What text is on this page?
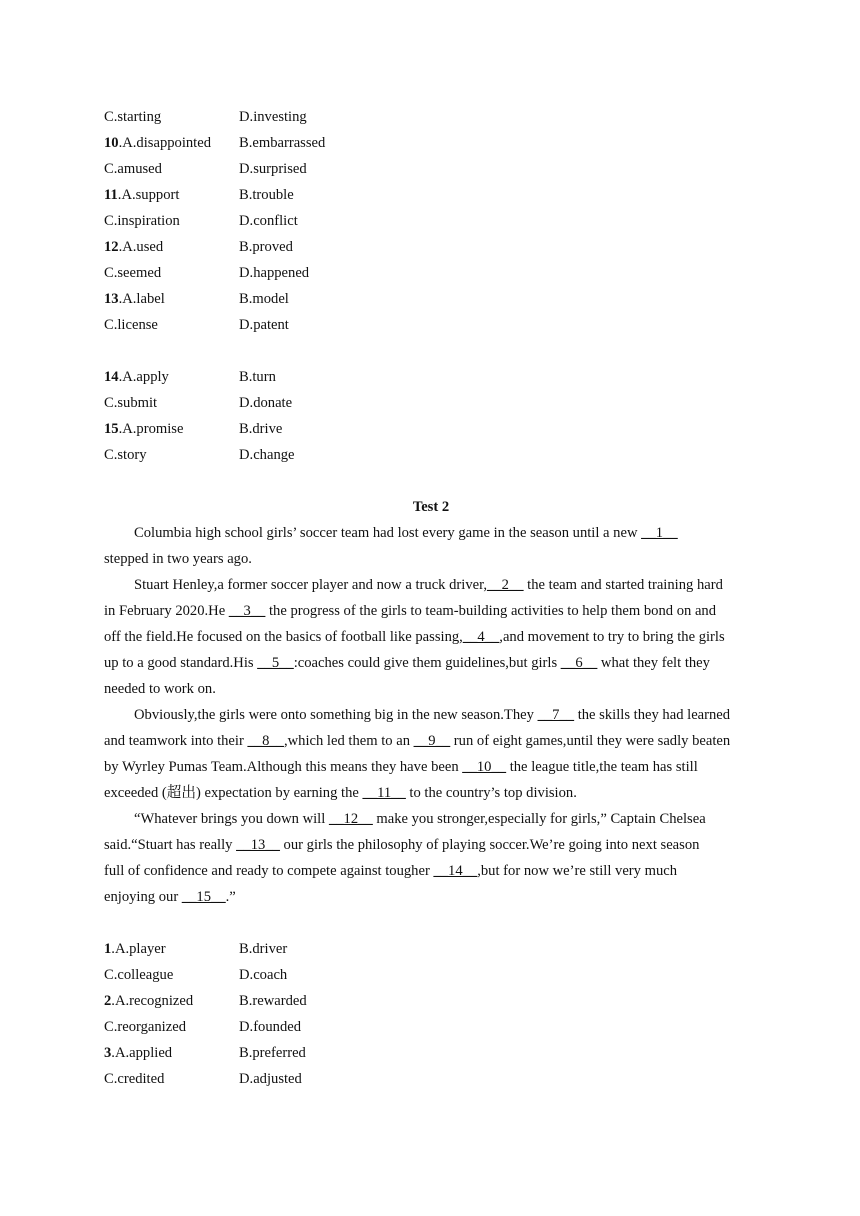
C.starting	D.investing
10.A.disappointed	B.embarrassed
C.amused	D.surprised
11.A.support	B.trouble
C.inspiration	D.conflict
12.A.used	B.proved
C.seemed	D.happened
13.A.label	B.model
C.license	D.patent
14.A.apply	B.turn
C.submit	D.donate
15.A.promise	B.drive
C.story	D.change
Test 2

Columbia high school girls’ soccer team had lost every game in the season until a new __1__
stepped in two years ago.

Stuart Henley,a former soccer player and now a truck driver,__2__ the team and started training hard
in February 2020.He __3__ the progress of the girls to team-building activities to help them bond on and
off the field.He focused on the basics of football like passing,__4__,and movement to try to bring the girls
up to a good standard.His __5__:coaches could give them guidelines,but girls __6__ what they felt they
needed to work on.

Obviously,the girls were onto something big in the new season.They __7__ the skills they had learned
and teamwork into their __8__,which led them to an __9__ run of eight games,until they were sadly beaten
by Wyrley Pumas Team.Although this means they have been __10__ the league title,the team has still
exceeded (超出) expectation by earning the __11__ to the country’s top division.

“Whatever brings you down will __12__ make you stronger,especially for girls,” Captain Chelsea
said.“Stuart has really __13__ our girls the philosophy of playing soccer.We’re going into next season
full of confidence and ready to compete against tougher __14__,but for now we’re still very much
enjoying our __15__.”

1.A.player	B.driver
C.colleague	D.coach
2.A.recognized	B.rewarded
C.reorganized	D.founded
3.A.applied	B.preferred
C.credited	D.adjusted
